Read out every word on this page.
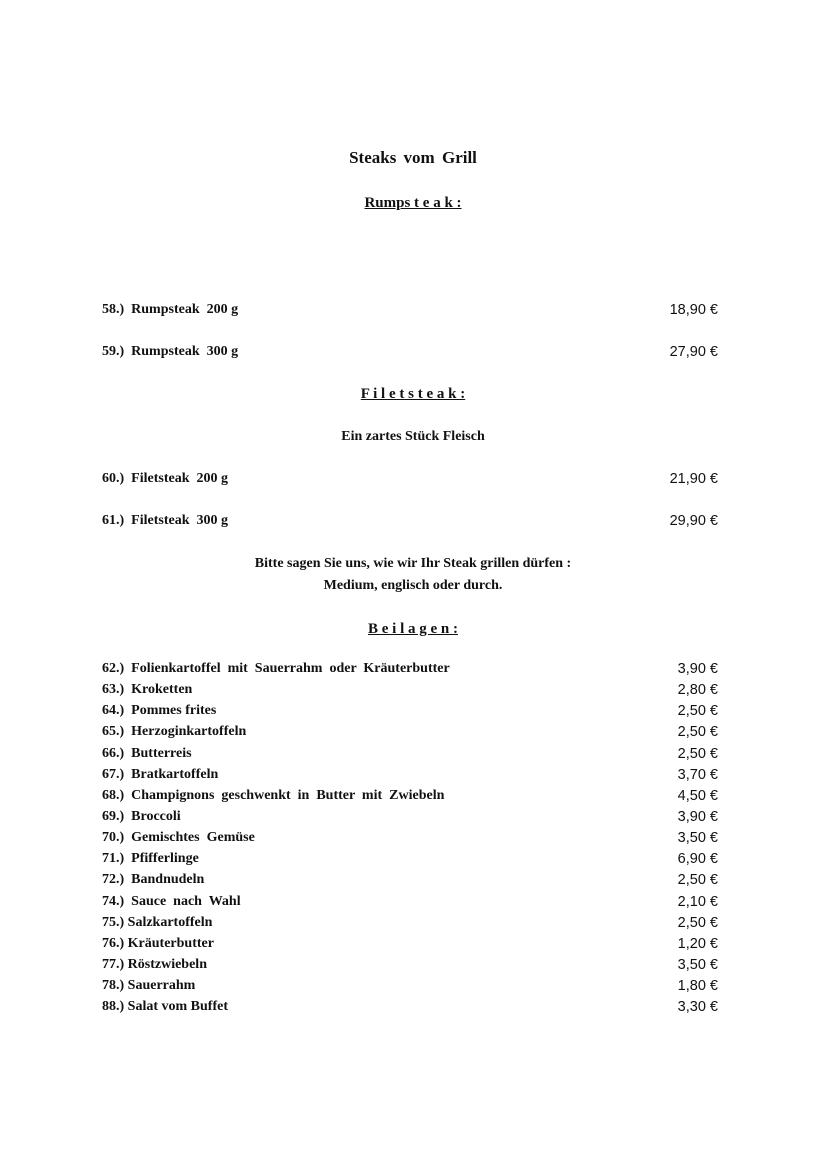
Steaks vom Grill
Rumps t e a k :
58.)  Rumpsteak  200 g	18,90 €
59.)  Rumpsteak  300 g	27,90 €
F i l e t s t e a k :
Ein zartes Stück Fleisch
60.)  Filetsteak  200 g	21,90 €
61.)  Filetsteak  300 g	29,90 €
Bitte sagen Sie uns, wie wir Ihr Steak grillen dürfen :
Medium, englisch oder durch.
B e i l a g e n :
62.)  Folienkartoffel  mit  Sauerrahm  oder  Kräuterbutter	3,90 €
63.)  Kroketten	2,80 €
64.)  Pommes frites	2,50 €
65.)  Herzoginkartoffeln	2,50 €
66.)  Butterreis	2,50 €
67.)  Bratkartoffeln	3,70 €
68.)  Champignons  geschwenkt  in  Butter  mit  Zwiebeln	4,50 €
69.)  Broccoli	3,90 €
70.)  Gemischtes  Gemüse	3,50 €
71.)  Pfifferlinge	6,90 €
72.)  Bandnudeln	2,50 €
74.)  Sauce  nach  Wahl	2,10 €
75.) Salzkartoffeln	2,50 €
76.) Kräuterbutter	1,20 €
77.) Röstzwiebeln	3,50 €
78.) Sauerrahm	1,80 €
88.) Salat vom Buffet	3,30 €
